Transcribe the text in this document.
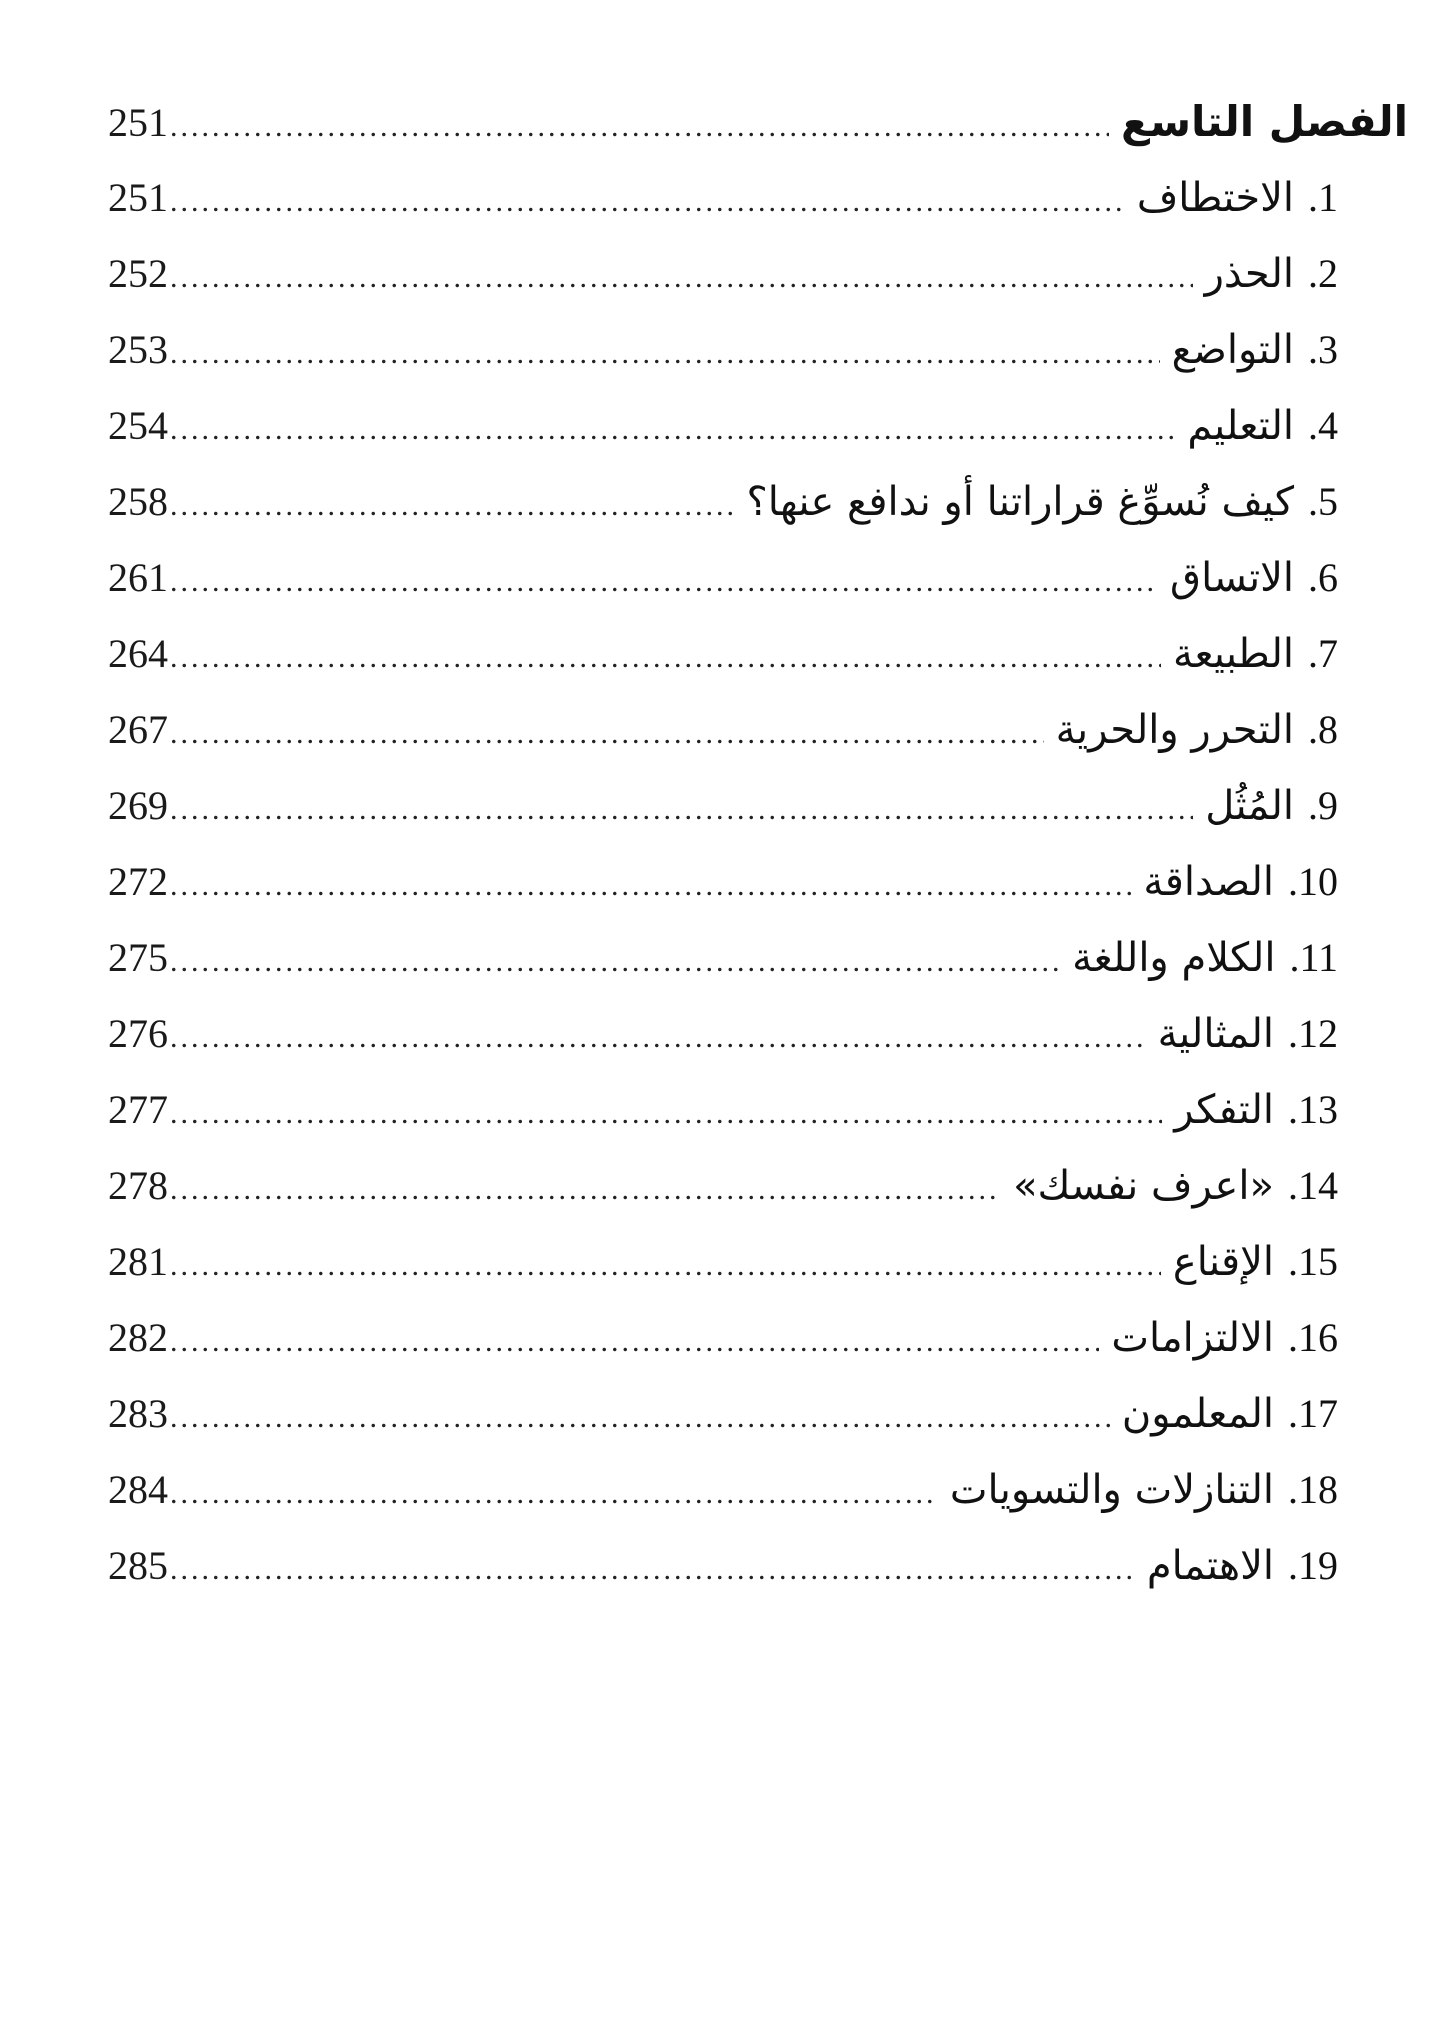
251 .....	الفصل التاسع
251 .....	1.الاختطاف
252 .....	2.الحذر
253 .....	3.التواضع
254 .....	4.التعليم
258 .....	5.كيف نُسوِّغ قراراتنا أو ندافع عنها؟
261 .....	6.الاتساق
264 .....	7.الطبيعة
267 .....	8.التحرر والحرية
269 .....	9.المُثُل
272 .....	10.الصداقة
275 .....	11.الكلام واللغة
276 .....	12.المثالية
277 .....	13.التفكر
278 .....	14.«اعرف نفسك»
281 .....	15.الإقناع
282 .....	16.الالتزامات
283 .....	17.المعلمون
284 .....	18.التنازلات والتسويات
285 .....	19.الاهتمام
